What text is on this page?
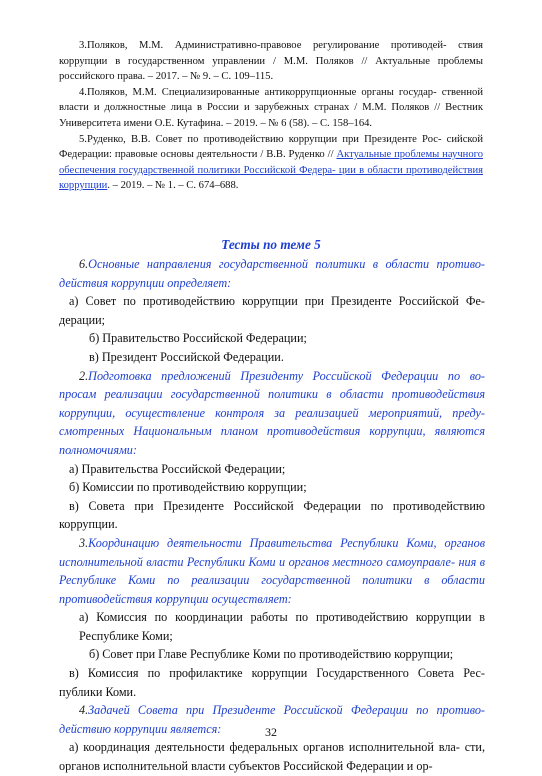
3.Поляков, М.М. Административно-правовое регулирование противодей- ствия коррупции в государственном управлении / М.М. Поляков // Актуальные проблемы российского права. – 2017. – № 9. – С. 109–115.

4.Поляков, М.М. Специализированные антикоррупционные органы государ- ственной власти и должностные лица в России и зарубежных странах / М.М. Поляков // Вестник Университета имени О.Е. Кутафина. – 2019. – № 6 (58). – С. 158–164.

5.Руденко, В.В. Совет по противодействию коррупции при Президенте Рос- сийской Федерации: правовые основы деятельности / В.В. Руденко // Актуальные проблемы научного обеспечения государственной политики Российской Федера- ции в области противодействия коррупции. – 2019. – № 1. – С. 674–688.

Тесты по теме 5

6.Основные направления государственной политики в области противо- действия коррупции определяет:

а) Совет по противодействию коррупции при Президенте Российской Фе- дерации;

б) Правительство Российской Федерации;

в) Президент Российской Федерации.

2.Подготовка предложений Президенту Российской Федерации по во- просам реализации государственной политики в области противодействия коррупции, осуществление контроля за реализацией мероприятий, преду- смотренных Национальным планом противодействия коррупции, являются полномочиями:

а) Правительства Российской Федерации;

б) Комиссии по противодействию коррупции;

в) Совета при Президенте Российской Федерации по противодействию коррупции.

3.Координацию деятельности Правительства Республики Коми, органов исполнительной власти Республики Коми и органов местного самоуправле- ния в Республике Коми по реализации государственной политики в области противодействия коррупции осуществляет:

а) Комиссия по координации работы по противодействию коррупции в Республике Коми;

б) Совет при Главе Республике Коми по противодействию коррупции;

в) Комиссия по профилактике коррупции Государственного Совета Рес- публики Коми.

4.Задачей Совета при Президенте Российской Федерации по противо- действию коррупции является:

а) координация деятельности федеральных органов исполнительной вла- сти, органов исполнительной власти субъектов Российской Федерации и ор-

32
